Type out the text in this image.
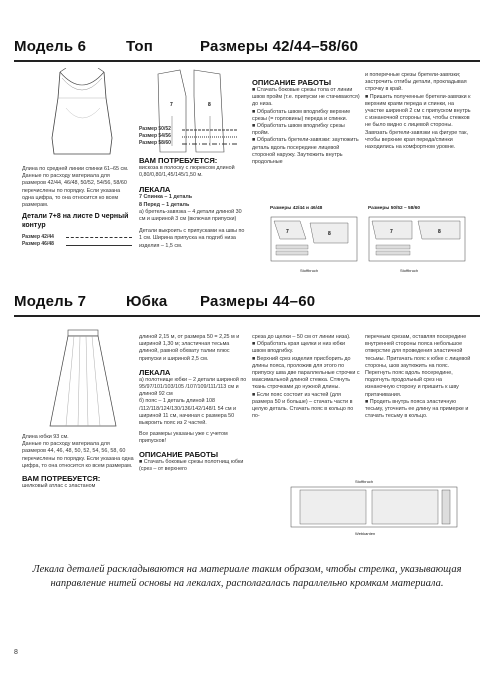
Модель 6	Топ	Размеры 42/44–58/60
7	8
Размер 50/52
Размер 54/56
Размер 58/60

Длина по средней линии спинки 61–65 см.

Данные по расходу материала для размеров 42/44, 46/48, 50/52, 54/56, 58/60 перечислены по порядку. Если указана одна цифра, то она относится ко всем размерам.

Детали 7+8 на листе D черный контур

Размер 42/44
Размер 46/48
ВАМ ПОТРЕБУЕТСЯ:

вискоза в полоску с люрексом длиной 0,80/0,80/1,45/145/1,50 м.

ЛЕКАЛА

7 Спинка – 1 деталь
8 Перед – 1 деталь

а) бретель-завязка – 4 детали длиной 30 см и шириной 3 см (включая припуски)

Детали выкроить с припусками на швы по 1 см. Ширина припуска на подгиб низа изделия – 1,5 см.

ОПИСАНИЕ РАБОТЫ

■ Стачать боковые срезы топа от линии швов пройм (т.е. припуски не стачиваются) до низа.
■ Обработать швом вподгибку верхние срезы (= горловины) переда и спинки.
■ Обработать швом вподгибку срезы пройм.
■ Обработать бретели-завязки: заутюжить деталь вдоль посередине лицевой стороной наружу. Заутюжить внутрь продольные

и поперечные срезы бретели-завязки; застрочить отгибы детали, прокладывая строчку в край.
■ Пришить полученные бретели-завязки к верхним краям переда и спинки, на участке шириной 2 см с припуском внутрь с изнаночной стороны так, чтобы стежков не было видно с лицевой стороны. Завязать бретели-завязки на фигуре так, чтобы верхние края переда/спинки находились на комфортном уровне.

Размеры 42/44 и 46/48
7	8
Stoffbruch
Размеры 50/52 – 58/60
7	8
Stoffbruch
Модель 7	Юбка Размеры 44–60

Длина юбки 93 см.

Данные по расходу материала для размеров 44, 46, 48, 50, 52, 54, 56, 58, 60 перечислены по порядку. Если указана одна цифра, то она относится ко всем размерам.

ВАМ ПОТРЕБУЕТСЯ:

шелковый атлас с эластаном

длиной 2,15 м, от размера 50 = 2,25 м и шириной 1,30 м; эластичная тесьма длиной, равной обхвату талии плюс припуски и шириной 2,5 см.

ЛЕКАЛА

а) полотнище юбки – 2 детали шириной по 95/97/101/103/105 /107/109/111/113 см и длиной 92 см
б) пояс – 1 деталь длиной 108 /112/118/124/130/136/142/148/1 54 см и шириной 11 см, начиная с размера 50 выкроить пояс из 2 частей.

Все размеры указаны уже с учетом припусков!

ОПИСАНИЕ РАБОТЫ

■ Стачать боковые срезы полотнищ юбки (срез – от верхнего

среза до щелки – 50 см от линии низа).
■ Обработать края щелки и низ юбки швом вподгибку.
■ Верхний срез изделия присборить до длины пояса, проложив для этого по припуску шва две параллельные строчки с максимальной длиной стежка. Стянуть ткань строчками до нужной длины.
■ Если пояс состоит из частей (для размера 50 и больше) – стачать части в целую деталь. Стачать пояс в кольцо по по-

перечным срезам, оставляя посередине внутренней стороны пояса небольшое отверстие для проведения эластичной тесьмы. Притачать пояс к юбке с лицевой стороны, шов заутюжить на пояс. Перегнуть пояс вдоль посередине, подогнуть продольный срез на изнаночную сторону и пришить к шву притачивания.
■ Продеть внутрь пояса эластичную тесьму, уточнить ее длину на примерке и стачать тесьму в кольцо.

Stoffbruch
Webkanten
Лекала деталей раскладываются на материале таким образом, чтобы стрелка, указывающая направление нитей основы на лекалах, располагалась параллельно кромкам материала.
8
